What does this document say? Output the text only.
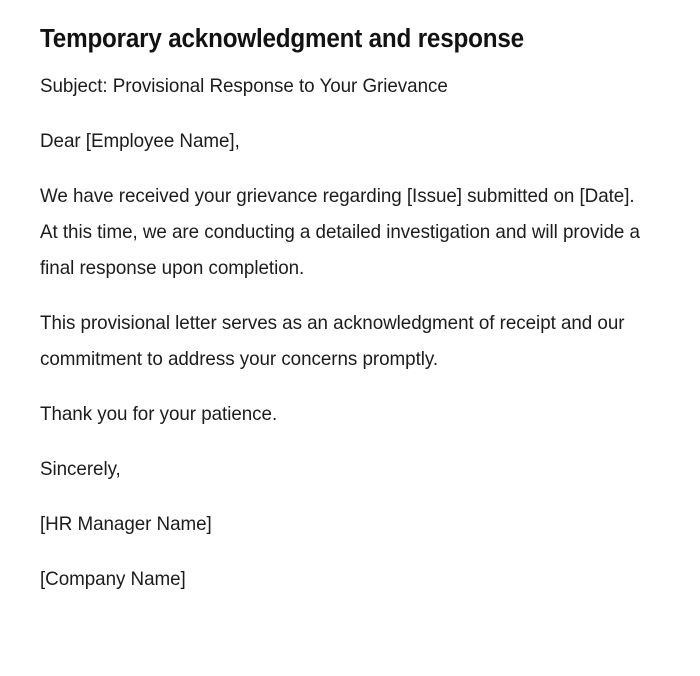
Temporary acknowledgment and response

Subject: Provisional Response to Your Grievance

Dear [Employee Name],

We have received your grievance regarding [Issue] submitted on [Date]. At this time, we are conducting a detailed investigation and will provide a final response upon completion.

This provisional letter serves as an acknowledgment of receipt and our commitment to address your concerns promptly.

Thank you for your patience.

Sincerely,

[HR Manager Name]

[Company Name]
